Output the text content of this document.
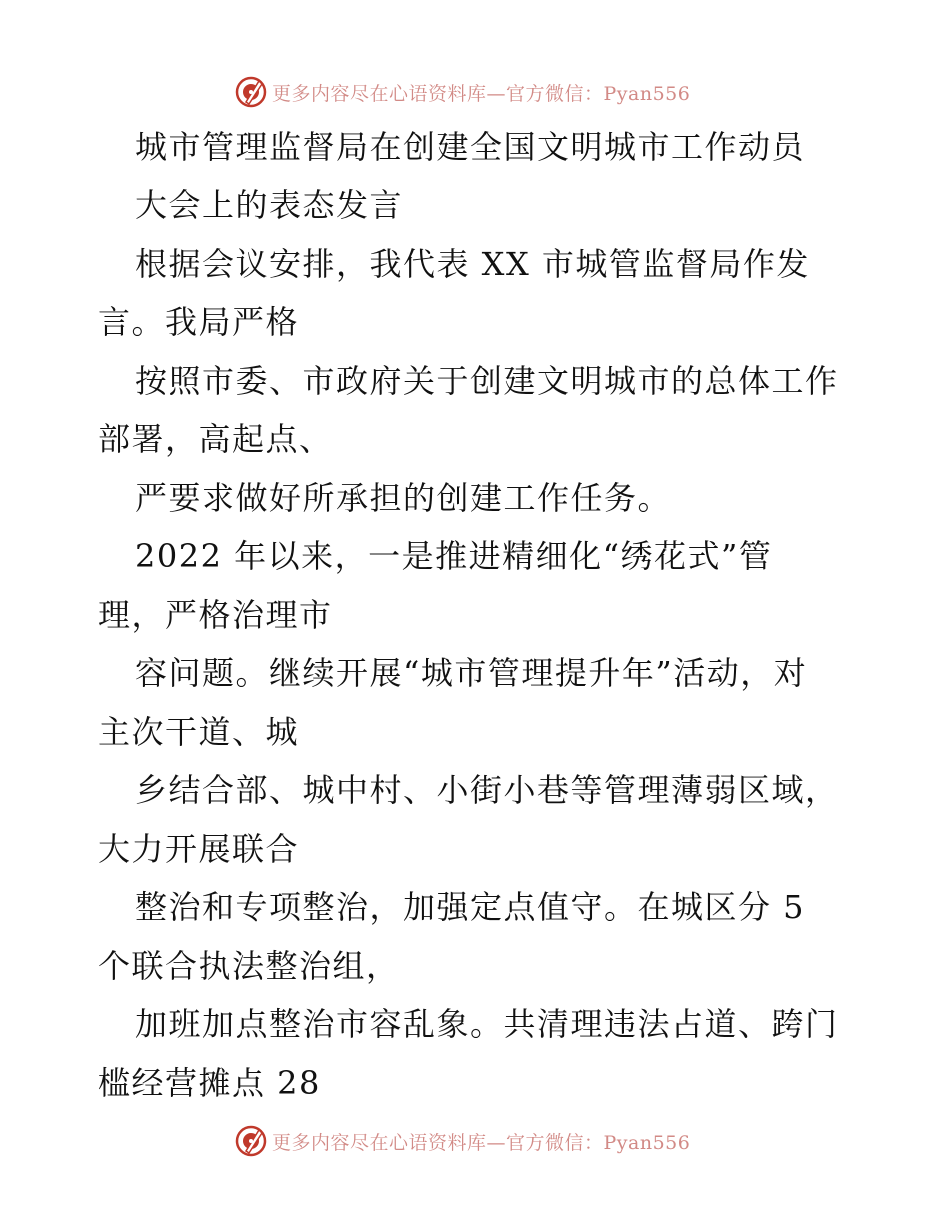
更多内容尽在心语资料库—官方微信：Pyan556
城市管理监督局在创建全国文明城市工作动员
大会上的表态发言
根据会议安排，我代表 XX 市城管监督局作发
言。我局严格
按照市委、市政府关于创建文明城市的总体工作
部署，高起点、
严要求做好所承担的创建工作任务。
2022 年以来，一是推进精细化“绣花式”管
理，严格治理市
容问题。继续开展“城市管理提升年”活动，对
主次干道、城
乡结合部、城中村、小街小巷等管理薄弱区域，
大力开展联合
整治和专项整治，加强定点值守。在城区分 5
个联合执法整治组，
加班加点整治市容乱象。共清理违法占道、跨门
槛经营摊点 28
更多内容尽在心语资料库—官方微信：Pyan556
